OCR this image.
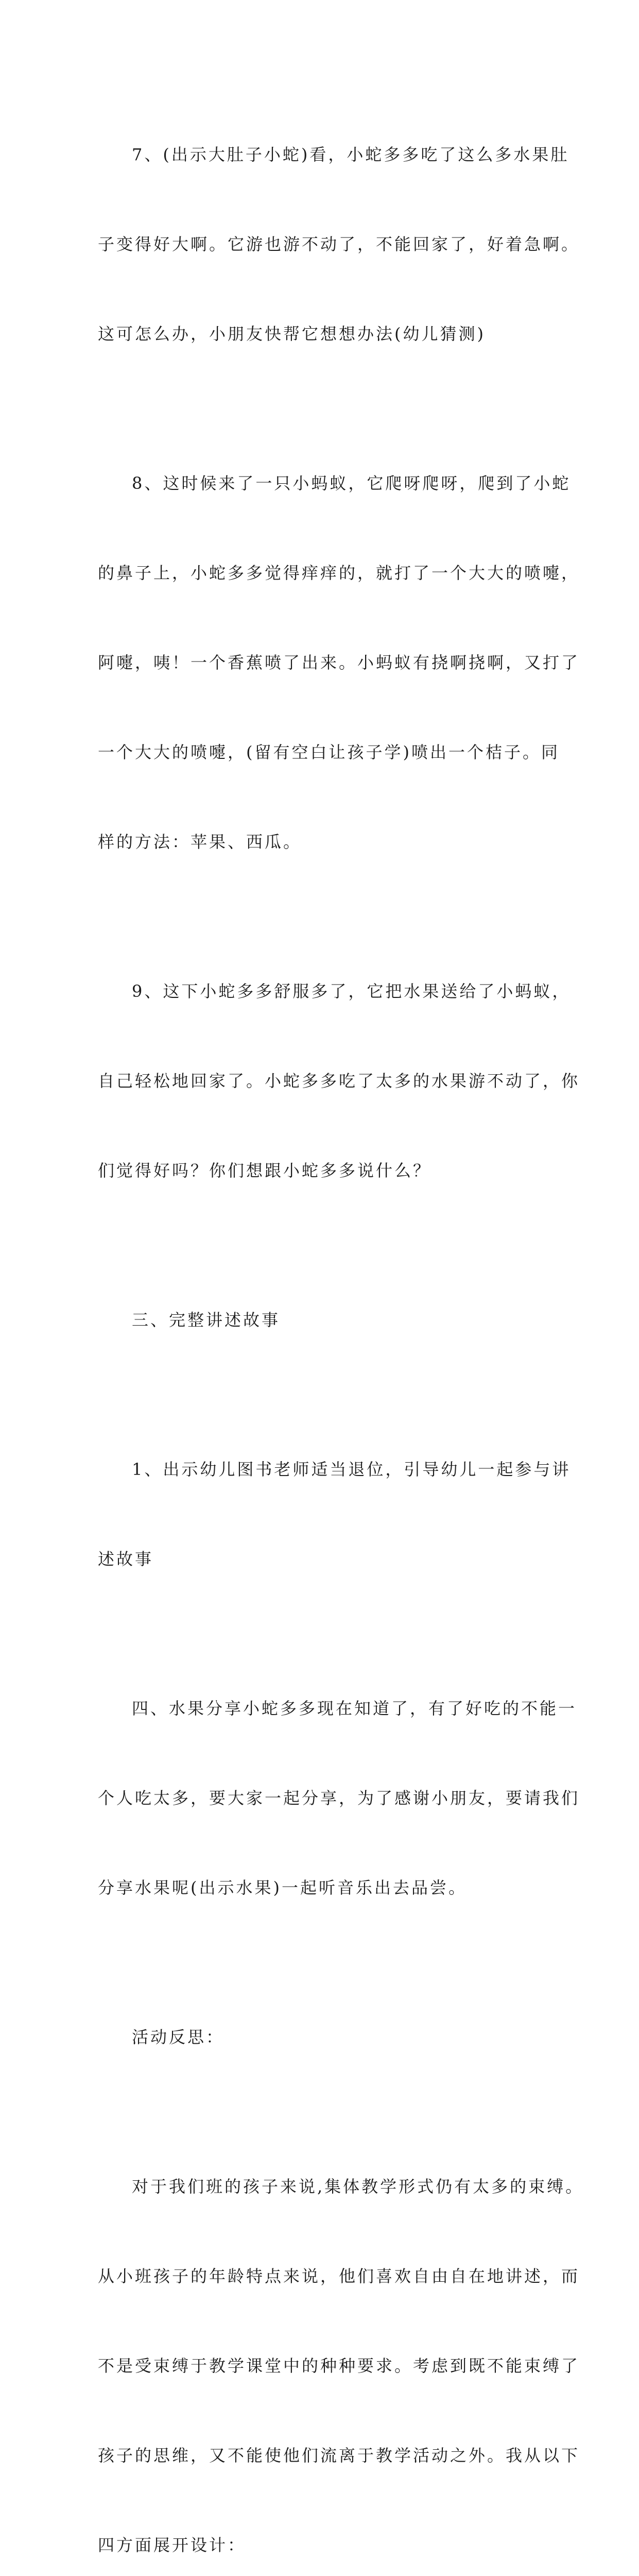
7、(出示大肚子小蛇)看，小蛇多多吃了这么多水果肚

子变得好大啊。它游也游不动了，不能回家了，好着急啊。

这可怎么办，小朋友快帮它想想办法(幼儿猜测)

8、这时候来了一只小蚂蚁，它爬呀爬呀，爬到了小蛇

的鼻子上，小蛇多多觉得痒痒的，就打了一个大大的喷嚏，

阿嚏，咦！一个香蕉喷了出来。小蚂蚁有挠啊挠啊，又打了

一个大大的喷嚏，(留有空白让孩子学)喷出一个桔子。同

样的方法：苹果、西瓜。

9、这下小蛇多多舒服多了，它把水果送给了小蚂蚁，

自己轻松地回家了。小蛇多多吃了太多的水果游不动了，你

们觉得好吗？你们想跟小蛇多多说什么？

三、完整讲述故事

1、出示幼儿图书老师适当退位，引导幼儿一起参与讲

述故事

四、水果分享小蛇多多现在知道了，有了好吃的不能一

个人吃太多，要大家一起分享，为了感谢小朋友，要请我们

分享水果呢(出示水果)一起听音乐出去品尝。

活动反思：

对于我们班的孩子来说,集体教学形式仍有太多的束缚。

从小班孩子的年龄特点来说，他们喜欢自由自在地讲述，而

不是受束缚于教学课堂中的种种要求。考虑到既不能束缚了

孩子的思维，又不能使他们流离于教学活动之外。我从以下

四方面展开设计：
